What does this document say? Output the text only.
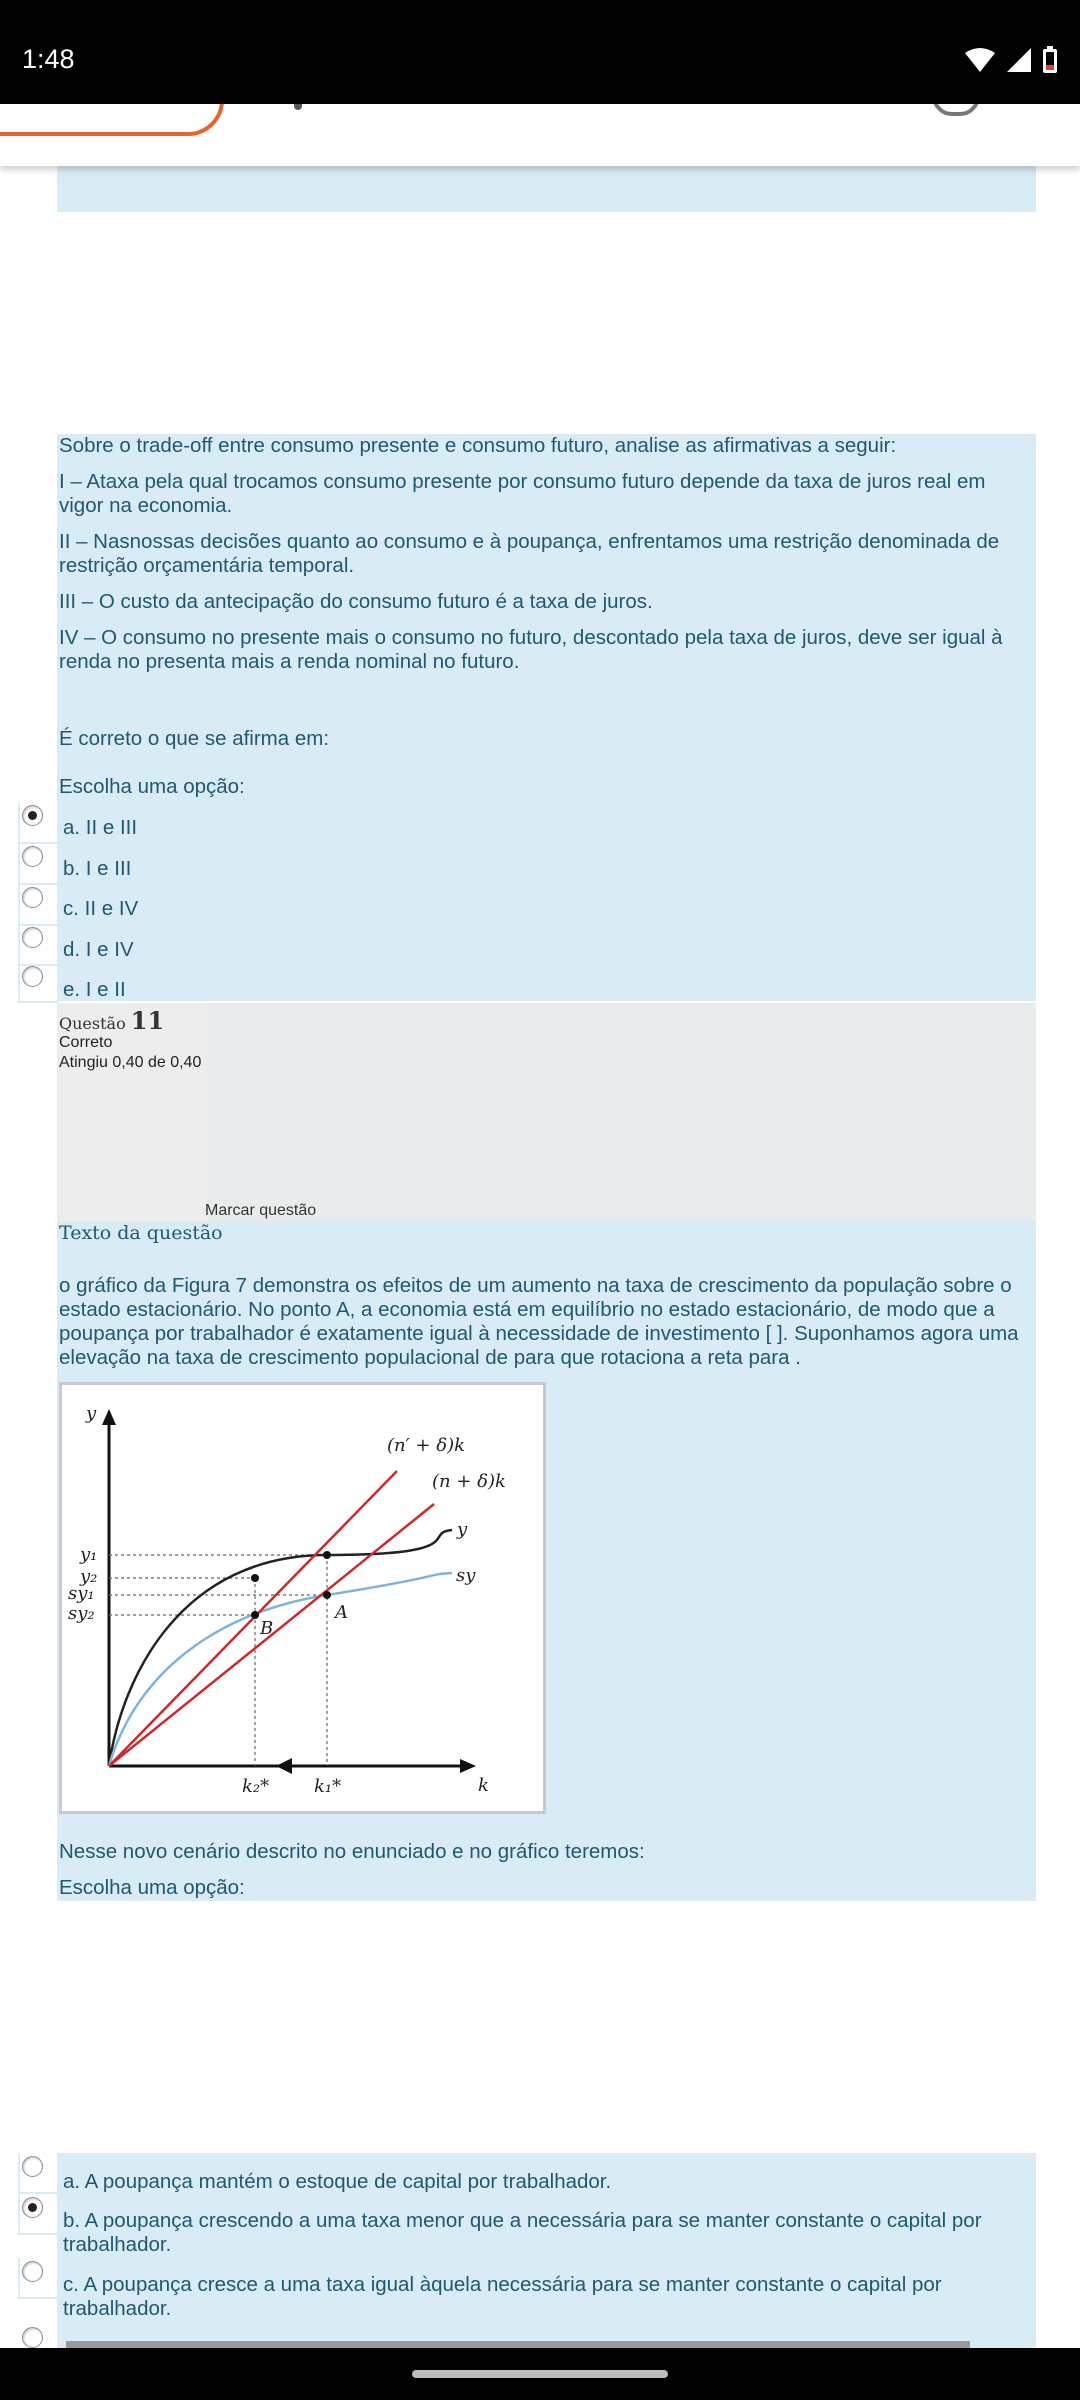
1:48

Sobre o trade-off entre consumo presente e consumo futuro, analise as afirmativas a seguir:

I – Ataxa pela qual trocamos consumo presente por consumo futuro depende da taxa de juros real em vigor na economia.

II – Nasnossas decisões quanto ao consumo e à poupança, enfrentamos uma restrição denominada de restrição orçamentária temporal.

III – O custo da antecipação do consumo futuro é a taxa de juros.

IV – O consumo no presente mais o consumo no futuro, descontado pela taxa de juros, deve ser igual à renda no presenta mais a renda nominal no futuro.

É correto o que se afirma em:
Escolha uma opção:
a. II e III
b. I e III
c. II e IV
d. I e IV
e. I e II
Questão 11
Correto
Atingiu 0,40 de 0,40
Marcar questão
Texto da questão
o gráfico da Figura 7 demonstra os efeitos de um aumento na taxa de crescimento da população sobre o estado estacionário. No ponto A, a economia está em equilíbrio no estado estacionário, de modo que a poupança por trabalhador é exatamente igual à necessidade de investimento [ ]. Suponhamos agora uma elevação na taxa de crescimento populacional de para que rotaciona a reta para .
y
k
(n′ + δ)k
(n + δ)k
y
sy
y₁
y₂
sy₁
sy₂	A
B
k₂* k₁*
Nesse novo cenário descrito no enunciado e no gráfico teremos:
Escolha uma opção:
a. A poupança mantém o estoque de capital por trabalhador.
b. A poupança crescendo a uma taxa menor que a necessária para se manter constante o capital por trabalhador.
c. A poupança cresce a uma taxa igual àquela necessária para se manter constante o capital por trabalhador.
